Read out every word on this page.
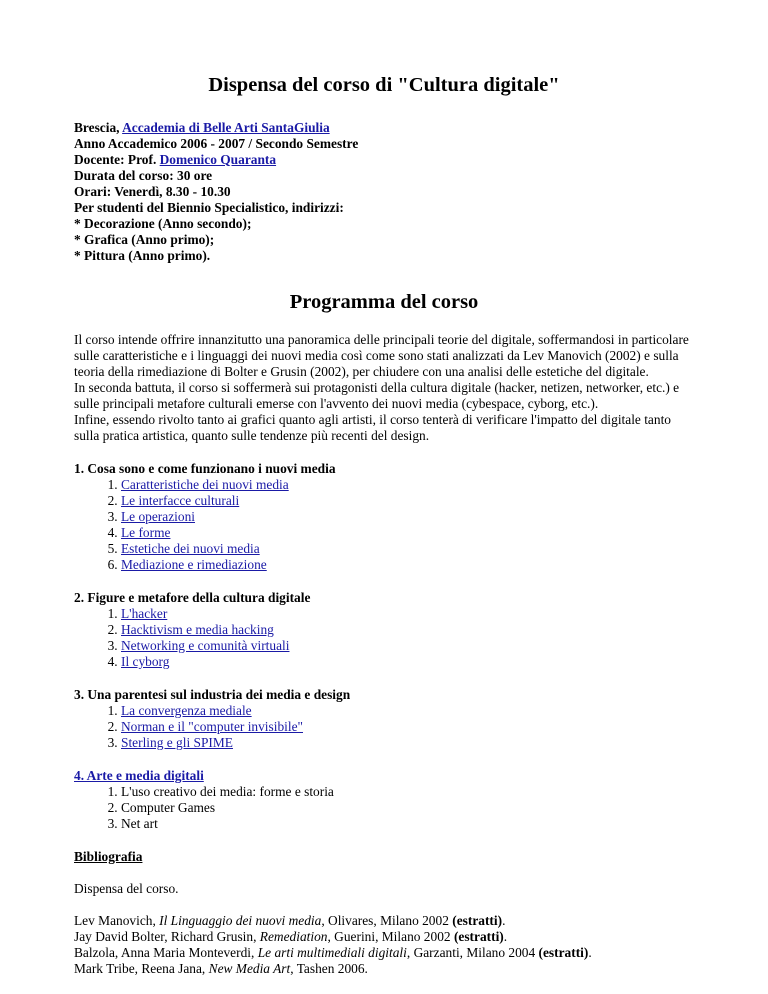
Dispensa del corso di "Cultura digitale"
Brescia, Accademia di Belle Arti SantaGiulia
Anno Accademico 2006 - 2007 / Secondo Semestre
Docente: Prof. Domenico Quaranta
Durata del corso: 30 ore
Orari: Venerdì, 8.30 - 10.30
Per studenti del Biennio Specialistico, indirizzi:
* Decorazione (Anno secondo);
* Grafica (Anno primo);
* Pittura (Anno primo).
Programma del corso
Il corso intende offrire innanzitutto una panoramica delle principali teorie del digitale, soffermandosi in particolare sulle caratteristiche e i linguaggi dei nuovi media così come sono stati analizzati da Lev Manovich (2002) e sulla teoria della rimediazione di Bolter e Grusin (2002), per chiudere con una analisi delle estetiche del digitale.
In seconda battuta, il corso si soffermerà sui protagonisti della cultura digitale (hacker, netizen, networker, etc.) e sulle principali metafore culturali emerse con l'avvento dei nuovi media (cybespace, cyborg, etc.).
Infine, essendo rivolto tanto ai grafici quanto agli artisti, il corso tenterà di verificare l'impatto del digitale tanto sulla pratica artistica, quanto sulle tendenze più recenti del design.
1. Cosa sono e come funzionano i nuovi media
1. Caratteristiche dei nuovi media
2. Le interfacce culturali
3. Le operazioni
4. Le forme
5. Estetiche dei nuovi media
6. Mediazione e rimediazione
2. Figure e metafore della cultura digitale
1. L'hacker
2. Hacktivism e media hacking
3. Networking e comunità virtuali
4. Il cyborg
3. Una parentesi sul industria dei media e design
1. La convergenza mediale
2. Norman e il "computer invisibile"
3. Sterling e gli SPIME
4. Arte e media digitali
1. L'uso creativo dei media: forme e storia
2. Computer Games
3. Net art
Bibliografia
Dispensa del corso.
Lev Manovich, Il Linguaggio dei nuovi media, Olivares, Milano 2002 (estratti).
Jay David Bolter, Richard Grusin, Remediation, Guerini, Milano 2002 (estratti).
Balzola, Anna Maria Monteverdi, Le arti multimediali digitali, Garzanti, Milano 2004 (estratti).
Mark Tribe, Reena Jana, New Media Art, Tashen 2006.
